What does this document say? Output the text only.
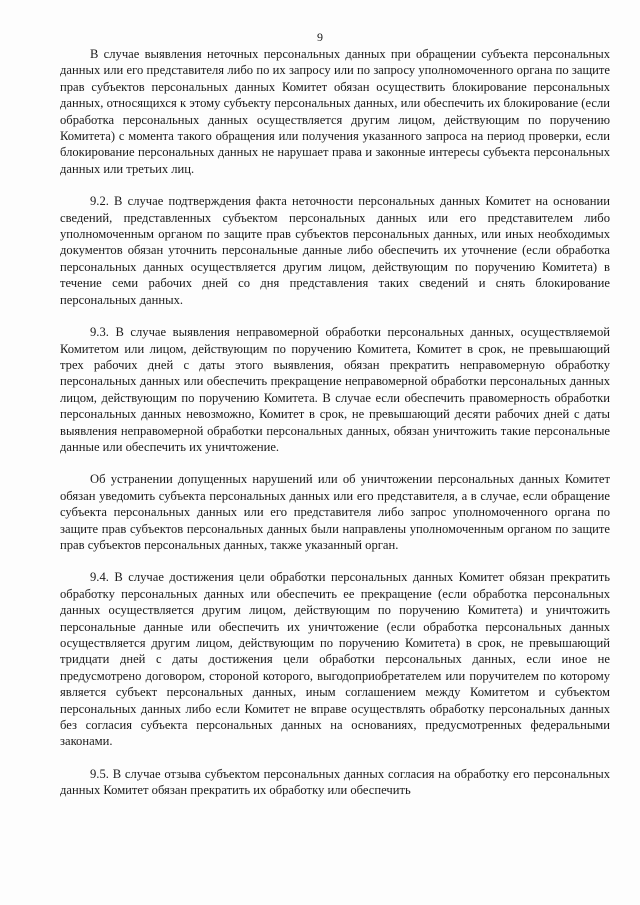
9

В случае выявления неточных персональных данных при обращении субъекта персональных данных или его представителя либо по их запросу или по запросу уполномоченного органа по защите прав субъектов персональных данных Комитет обязан осуществить блокирование персональных данных, относящихся к этому субъекту персональных данных, или обеспечить их блокирование (если обработка персональных данных осуществляется другим лицом, действующим по поручению Комитета) с момента такого обращения или получения указанного запроса на период проверки, если блокирование персональных данных не нарушает права и законные интересы субъекта персональных данных или третьих лиц.

9.2. В случае подтверждения факта неточности персональных данных Комитет на основании сведений, представленных субъектом персональных данных или его представителем либо уполномоченным органом по защите прав субъектов персональных данных, или иных необходимых документов обязан уточнить персональные данные либо обеспечить их уточнение (если обработка персональных данных осуществляется другим лицом, действующим по поручению Комитета) в течение семи рабочих дней со дня представления таких сведений и снять блокирование персональных данных.

9.3. В случае выявления неправомерной обработки персональных данных, осуществляемой Комитетом или лицом, действующим по поручению Комитета, Комитет в срок, не превышающий трех рабочих дней с даты этого выявления, обязан прекратить неправомерную обработку персональных данных или обеспечить прекращение неправомерной обработки персональных данных лицом, действующим по поручению Комитета. В случае если обеспечить правомерность обработки персональных данных невозможно, Комитет в срок, не превышающий десяти рабочих дней с даты выявления неправомерной обработки персональных данных, обязан уничтожить такие персональные данные или обеспечить их уничтожение.

Об устранении допущенных нарушений или об уничтожении персональных данных Комитет обязан уведомить субъекта персональных данных или его представителя, а в случае, если обращение субъекта персональных данных или его представителя либо запрос уполномоченного органа по защите прав субъектов персональных данных были направлены уполномоченным органом по защите прав субъектов персональных данных, также указанный орган.

9.4. В случае достижения цели обработки персональных данных Комитет обязан прекратить обработку персональных данных или обеспечить ее прекращение (если обработка персональных данных осуществляется другим лицом, действующим по поручению Комитета) и уничтожить персональные данные или обеспечить их уничтожение (если обработка персональных данных осуществляется другим лицом, действующим по поручению Комитета) в срок, не превышающий тридцати дней с даты достижения цели обработки персональных данных, если иное не предусмотрено договором, стороной которого, выгодоприобретателем или поручителем по которому является субъект персональных данных, иным соглашением между Комитетом и субъектом персональных данных либо если Комитет не вправе осуществлять обработку персональных данных без согласия субъекта персональных данных на основаниях, предусмотренных федеральными законами.

9.5. В случае отзыва субъектом персональных данных согласия на обработку его персональных данных Комитет обязан прекратить их обработку или обеспечить
